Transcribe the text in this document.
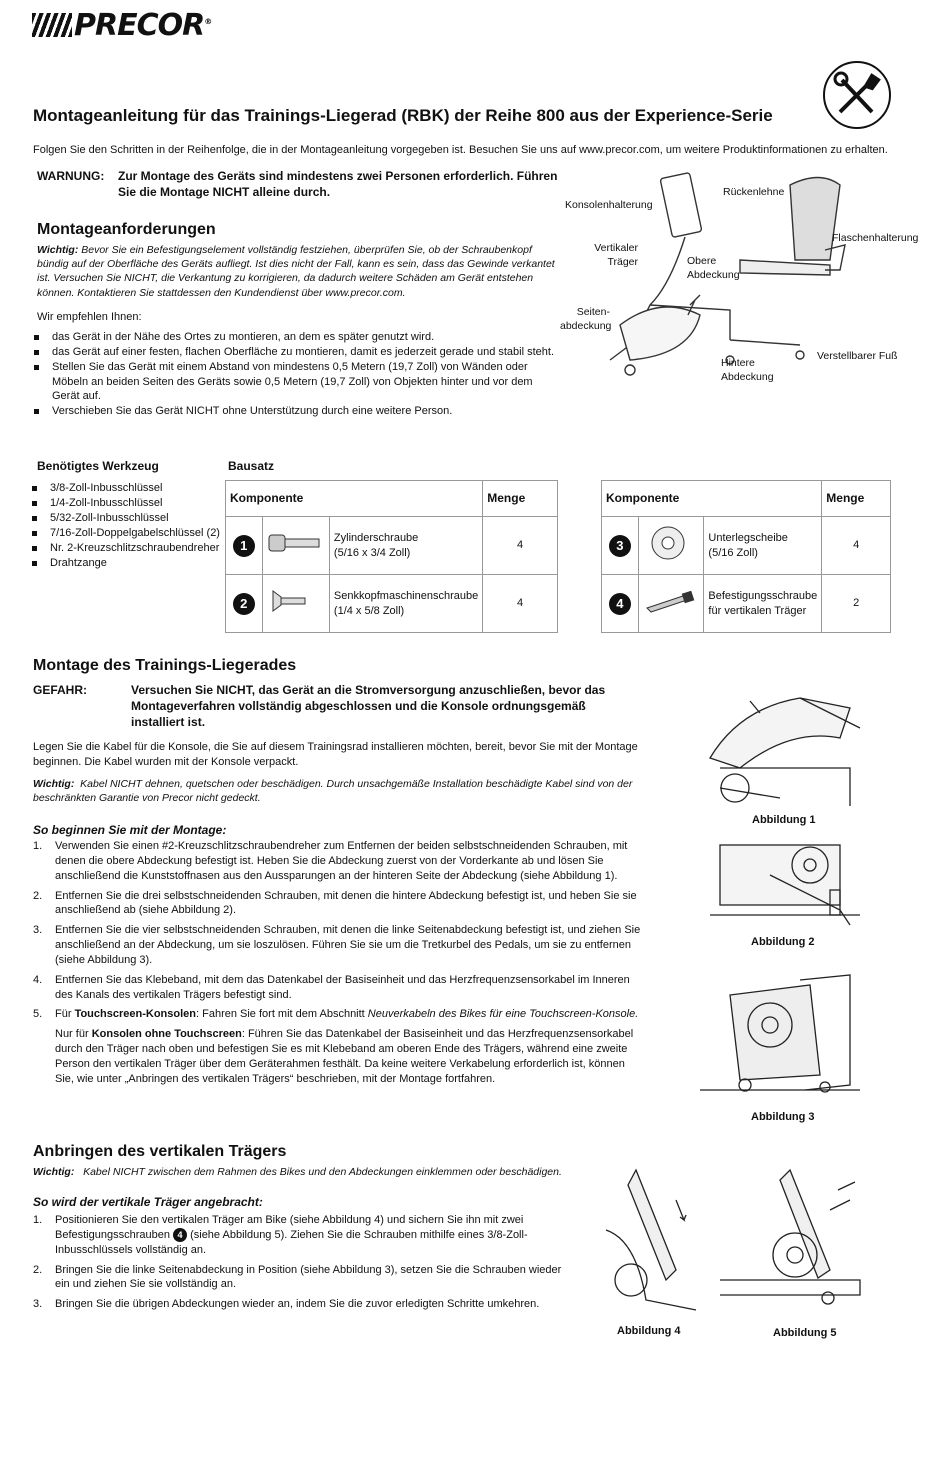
PRECOR®
Montageanleitung für das Trainings-Liegerad (RBK) der Reihe 800 aus der Experience-Serie
Folgen Sie den Schritten in der Reihenfolge, die in der Montageanleitung vorgegeben ist. Besuchen Sie uns auf www.precor.com, um weitere Produktinformationen zu erhalten.
WARNUNG: Zur Montage des Geräts sind mindestens zwei Personen erforderlich. Führen Sie die Montage NICHT alleine durch.
Montageanforderungen
Wichtig: Bevor Sie ein Befestigungselement vollständig festziehen, überprüfen Sie, ob der Schraubenkopf bündig auf der Oberfläche des Geräts aufliegt. Ist dies nicht der Fall, kann es sein, dass das Gewinde verkantet ist. Versuchen Sie NICHT, die Verkantung zu korrigieren, da dadurch weitere Schäden am Gerät entstehen können. Kontaktieren Sie stattdessen den Kundendienst über www.precor.com.
Wir empfehlen Ihnen:
das Gerät in der Nähe des Ortes zu montieren, an dem es später genutzt wird.
das Gerät auf einer festen, flachen Oberfläche zu montieren, damit es jederzeit gerade und stabil steht.
Stellen Sie das Gerät mit einem Abstand von mindestens 0,5 Metern (19,7 Zoll) von Wänden oder Möbeln an beiden Seiten des Geräts sowie 0,5 Metern (19,7 Zoll) von Objekten hinter und vor dem Gerät auf.
Verschieben Sie das Gerät NICHT ohne Unterstützung durch eine weitere Person.
Konsolenhalterung
Rückenlehne
Flaschenhalterung
Vertikaler
Träger	Obere
Abdeckung
Seiten-
abdeckung
Hintere
Abdeckung
Verstellbarer Fuß
Benötigtes Werkzeug
3/8-Zoll-Inbusschlüssel
1/4-Zoll-Inbusschlüssel
5/32-Zoll-Inbusschlüssel
7/16-Zoll-Doppelgabelschlüssel (2)
Nr. 2-Kreuzschlitzschraubendreher
Drahtzange
Bausatz
Komponente			Menge

1		Zylinderschraube
(5/16 x 3/4 Zoll)	4

2		Senkkopfmaschinenschraube
(1/4 x 5/8 Zoll)	4
Komponente			Menge

3		Unterlegscheibe
(5/16 Zoll)	4

4		Befestigungsschraube
für vertikalen Träger	2
Montage des Trainings-Liegerades
GEFAHR:	Versuchen Sie NICHT, das Gerät an die Stromversorgung anzuschließen, bevor das Montageverfahren vollständig abgeschlossen und die Konsole ordnungsgemäß installiert ist.
Legen Sie die Kabel für die Konsole, die Sie auf diesem Trainingsrad installieren möchten, bereit, bevor Sie mit der Montage beginnen. Die Kabel wurden mit der Konsole verpackt.
Wichtig: Kabel NICHT dehnen, quetschen oder beschädigen. Durch unsachgemäße Installation beschädigte Kabel sind von der beschränkten Garantie von Precor nicht gedeckt.
So beginnen Sie mit der Montage:
1. Verwenden Sie einen #2-Kreuzschlitzschraubendreher zum Entfernen der beiden selbstschneidenden Schrauben, mit denen die obere Abdeckung befestigt ist. Heben Sie die Abdeckung zuerst von der Vorderkante ab und lösen Sie anschließend die Kunststoffnasen aus den Aussparungen an der hinteren Seite der Abdeckung (siehe Abbildung 1).
2. Entfernen Sie die drei selbstschneidenden Schrauben, mit denen die hintere Abdeckung befestigt ist, und heben Sie sie anschließend ab (siehe Abbildung 2).
3. Entfernen Sie die vier selbstschneidenden Schrauben, mit denen die linke Seitenabdeckung befestigt ist, und ziehen Sie anschließend an der Abdeckung, um sie loszulösen. Führen Sie sie um die Tretkurbel des Pedals, um sie zu entfernen (siehe Abbildung 3).
4. Entfernen Sie das Klebeband, mit dem das Datenkabel der Basiseinheit und das Herzfrequenzsensorkabel im Inneren des Kanals des vertikalen Trägers befestigt sind.
5. Für Touchscreen-Konsolen: Fahren Sie fort mit dem Abschnitt Neuverkabeln des Bikes für eine Touchscreen-Konsole.
Nur für Konsolen ohne Touchscreen: Führen Sie das Datenkabel der Basiseinheit und das Herzfrequenzsensorkabel durch den Träger nach oben und befestigen Sie es mit Klebeband am oberen Ende des Trägers, während eine zweite Person den vertikalen Träger über dem Geräterahmen festhält. Da keine weitere Verkabelung erforderlich ist, können Sie, wie unter „Anbringen des vertikalen Trägers“ beschrieben, mit der Montage fortfahren.
Abbildung 1
Abbildung 2
Abbildung 3
Anbringen des vertikalen Trägers
Wichtig: Kabel NICHT zwischen dem Rahmen des Bikes und den Abdeckungen einklemmen oder beschädigen.
So wird der vertikale Träger angebracht:
1. Positionieren Sie den vertikalen Träger am Bike (siehe Abbildung 4) und sichern Sie ihn mit zwei Befestigungsschrauben 4 (siehe Abbildung 5). Ziehen Sie die Schrauben mithilfe eines 3/8-Zoll-Inbusschlüssels vollständig an.
2. Bringen Sie die linke Seitenabdeckung in Position (siehe Abbildung 3), setzen Sie die Schrauben wieder ein und ziehen Sie sie vollständig an.
3. Bringen Sie die übrigen Abdeckungen wieder an, indem Sie die zuvor erledigten Schritte umkehren.
Abbildung 4	Abbildung 5
